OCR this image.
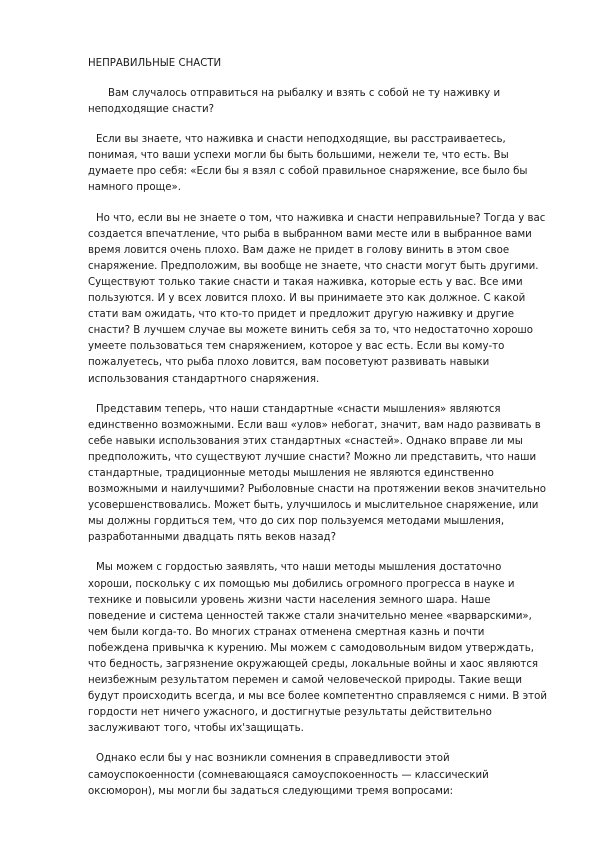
НЕПРАВИЛЬНЫЕ СНАСТИ

Вам случалось отправиться на рыбалку и взять с собой не ту наживку и неподходящие снасти?

Если вы знаете, что наживка и снасти неподходящие, вы расстраиваетесь, понимая, что ваши успехи могли бы быть большими, нежели те, что есть. Вы думаете про себя: «Если бы я взял с собой правильное снаряжение, все было бы намного проще».

Но что, если вы не знаете о том, что наживка и снасти неправильные? Тогда у вас создается впечатление, что рыба в выбранном вами месте или в выбранное вами время ловится очень плохо. Вам даже не придет в голову винить в этом свое снаряжение. Предположим, вы вообще не знаете, что снасти могут быть другими. Существуют только такие снасти и такая наживка, которые есть у вас. Все ими пользуются. И у всех ловится плохо. И вы принимаете это как должное. С какой стати вам ожидать, что кто-то придет и предложит другую наживку и другие снасти? В лучшем случае вы можете винить себя за то, что недостаточно хорошо умеете пользоваться тем снаряжением, которое у вас есть. Если вы кому-то пожалуетесь, что рыба плохо ловится, вам посоветуют развивать навыки использования стандартного снаряжения.

Представим теперь, что наши стандартные «снасти мышления» являются единственно возможными. Если ваш «улов» небогат, значит, вам надо развивать в себе навыки использования этих стандартных «снастей». Однако вправе ли мы предположить, что существуют лучшие снасти? Можно ли представить, что наши стандартные, традиционные методы мышления не являются единственно возможными и наилучшими? Рыболовные снасти на протяжении веков значительно усовершенствовались. Может быть, улучшилось и мыслительное снаряжение, или мы должны гордиться тем, что до сих пор пользуемся методами мышления, разработанными двадцать пять веков назад?

Мы можем с гордостью заявлять, что наши методы мышления достаточно хороши, поскольку с их помощью мы добились огромного прогресса в науке и технике и повысили уровень жизни части населения земного шара. Наше поведение и система ценностей также стали значительно менее «варварскими», чем были когда-то. Во многих странах отменена смертная казнь и почти побеждена привычка к курению. Мы можем с самодовольным видом утверждать, что бедность, загрязнение окружающей среды, локальные войны и хаос являются неизбежным результатом перемен и самой человеческой природы. Такие вещи будут происходить всегда, и мы все более компетентно справляемся с ними. В этой гордости нет ничего ужасного, и достигнутые результаты действительно заслуживают того, чтобы их'защищать.

Однако если бы у нас возникли сомнения в справедливости этой самоуспокоенности (сомневающаяся самоуспокоенность — классический оксюморон), мы могли бы задаться следующими тремя вопросами:
